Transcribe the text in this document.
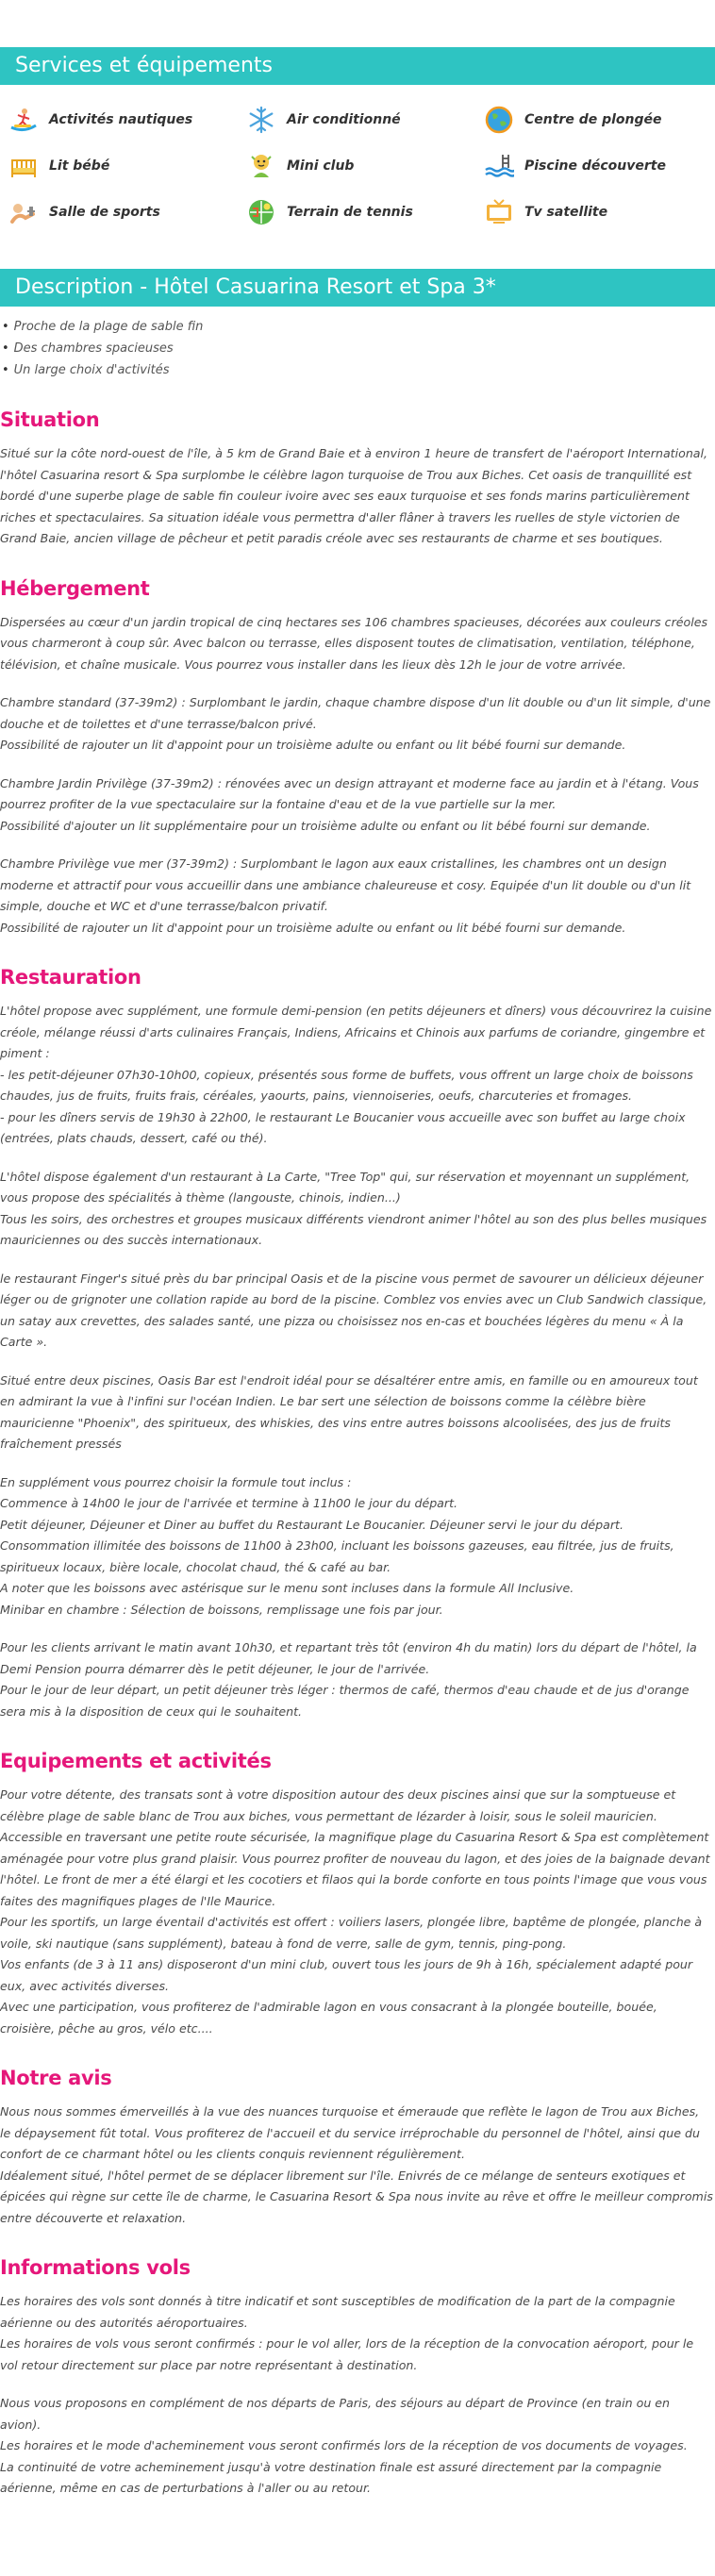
Services et équipements
Activités nautiques	Air conditionné	Centre de plongée
Lit bébé	Mini club	Piscine découverte
Salle de sports	Terrain de tennis	Tv satellite
Description - Hôtel Casuarina Resort et Spa 3*
• Proche de la plage de sable fin
• Des chambres spacieuses
• Un large choix d'activités
Situation

Situé sur la côte nord-ouest de l'île, à 5 km de Grand Baie et à environ 1 heure de transfert de l'aéroport International, l'hôtel Casuarina resort & Spa surplombe le célèbre lagon turquoise de Trou aux Biches. Cet oasis de tranquillité est bordé d'une superbe plage de sable fin couleur ivoire avec ses eaux turquoise et ses fonds marins particulièrement riches et spectaculaires. Sa situation idéale vous permettra d'aller flâner à travers les ruelles de style victorien de Grand Baie, ancien village de pêcheur et petit paradis créole avec ses restaurants de charme et ses boutiques.

Hébergement

Dispersées au cœur d'un jardin tropical de cinq hectares ses 106 chambres spacieuses, décorées aux couleurs créoles vous charmeront à coup sûr. Avec balcon ou terrasse, elles disposent toutes de climatisation, ventilation, téléphone, télévision, et chaîne musicale. Vous pourrez vous installer dans les lieux dès 12h le jour de votre arrivée.

Chambre standard (37-39m2) : Surplombant le jardin, chaque chambre dispose d'un lit double ou d'un lit simple, d'une douche et de toilettes et d'une terrasse/balcon privé.
Possibilité de rajouter un lit d'appoint pour un troisième adulte ou enfant ou lit bébé fourni sur demande.

Chambre Jardin Privilège (37-39m2) : rénovées avec un design attrayant et moderne face au jardin et à l'étang. Vous pourrez profiter de la vue spectaculaire sur la fontaine d'eau et de la vue partielle sur la mer.
Possibilité d'ajouter un lit supplémentaire pour un troisième adulte ou enfant ou lit bébé fourni sur demande.

Chambre Privilège vue mer (37-39m2) : Surplombant le lagon aux eaux cristallines, les chambres ont un design moderne et attractif pour vous accueillir dans une ambiance chaleureuse et cosy. Equipée d'un lit double ou d'un lit simple, douche et WC et d'une terrasse/balcon privatif.
Possibilité de rajouter un lit d'appoint pour un troisième adulte ou enfant ou lit bébé fourni sur demande.

Restauration

L'hôtel propose avec supplément, une formule demi-pension (en petits déjeuners et dîners) vous découvrirez la cuisine créole, mélange réussi d'arts culinaires Français, Indiens, Africains et Chinois aux parfums de coriandre, gingembre et piment :
- les petit-déjeuner 07h30-10h00, copieux, présentés sous forme de buffets, vous offrent un large choix de boissons chaudes, jus de fruits, fruits frais, céréales, yaourts, pains, viennoiseries, oeufs, charcuteries et fromages.
- pour les dîners servis de 19h30 à 22h00, le restaurant Le Boucanier vous accueille avec son buffet au large choix (entrées, plats chauds, dessert, café ou thé).

L'hôtel dispose également d'un restaurant à La Carte, "Tree Top" qui, sur réservation et moyennant un supplément, vous propose des spécialités à thème (langouste, chinois, indien...)
Tous les soirs, des orchestres et groupes musicaux différents viendront animer l'hôtel au son des plus belles musiques mauriciennes ou des succès internationaux.

le restaurant Finger's situé près du bar principal Oasis et de la piscine vous permet de savourer un délicieux déjeuner léger ou de grignoter une collation rapide au bord de la piscine. Comblez vos envies avec un Club Sandwich classique, un satay aux crevettes, des salades santé, une pizza ou choisissez nos en-cas et bouchées légères du menu « À la Carte ».

Situé entre deux piscines, Oasis Bar est l'endroit idéal pour se désaltérer entre amis, en famille ou en amoureux tout en admirant la vue à l'infini sur l'océan Indien. Le bar sert une sélection de boissons comme la célèbre bière mauricienne "Phoenix", des spiritueux, des whiskies, des vins entre autres boissons alcoolisées, des jus de fruits fraîchement pressés

En supplément vous pourrez choisir la formule tout inclus :
Commence à 14h00 le jour de l'arrivée et termine à 11h00 le jour du départ.
Petit déjeuner, Déjeuner et Diner au buffet du Restaurant Le Boucanier. Déjeuner servi le jour du départ.
Consommation illimitée des boissons de 11h00 à 23h00, incluant les boissons gazeuses, eau filtrée, jus de fruits, spiritueux locaux, bière locale, chocolat chaud, thé & café au bar.
A noter que les boissons avec astérisque sur le menu sont incluses dans la formule All Inclusive.
Minibar en chambre : Sélection de boissons, remplissage une fois par jour.

Pour les clients arrivant le matin avant 10h30, et repartant très tôt (environ 4h du matin) lors du départ de l'hôtel, la Demi Pension pourra démarrer dès le petit déjeuner, le jour de l'arrivée.
Pour le jour de leur départ, un petit déjeuner très léger : thermos de café, thermos d'eau chaude et de jus d'orange sera mis à la disposition de ceux qui le souhaitent.

Equipements et activités

Pour votre détente, des transats sont à votre disposition autour des deux piscines ainsi que sur la somptueuse et célèbre plage de sable blanc de Trou aux biches, vous permettant de lézarder à loisir, sous le soleil mauricien. Accessible en traversant une petite route sécurisée, la magnifique plage du Casuarina Resort & Spa est complètement aménagée pour votre plus grand plaisir. Vous pourrez profiter de nouveau du lagon, et des joies de la baignade devant l'hôtel. Le front de mer a été élargi et les cocotiers et filaos qui la borde conforte en tous points l'image que vous vous faites des magnifiques plages de l'Ile Maurice.
Pour les sportifs, un large éventail d'activités est offert : voiliers lasers, plongée libre, baptême de plongée, planche à voile, ski nautique (sans supplément), bateau à fond de verre, salle de gym, tennis, ping-pong.
Vos enfants (de 3 à 11 ans) disposeront d'un mini club, ouvert tous les jours de 9h à 16h, spécialement adapté pour eux, avec activités diverses.
Avec une participation, vous profiterez de l'admirable lagon en vous consacrant à la plongée bouteille, bouée, croisière, pêche au gros, vélo etc....

Notre avis

Nous nous sommes émerveillés à la vue des nuances turquoise et émeraude que reflète le lagon de Trou aux Biches, le dépaysement fût total. Vous profiterez de l'accueil et du service irréprochable du personnel de l'hôtel, ainsi que du confort de ce charmant hôtel ou les clients conquis reviennent régulièrement.
Idéalement situé, l'hôtel permet de se déplacer librement sur l'île. Enivrés de ce mélange de senteurs exotiques et épicées qui règne sur cette île de charme, le Casuarina Resort & Spa nous invite au rêve et offre le meilleur compromis entre découverte et relaxation.

Informations vols

Les horaires des vols sont donnés à titre indicatif et sont susceptibles de modification de la part de la compagnie aérienne ou des autorités aéroportuaires.
Les horaires de vols vous seront confirmés : pour le vol aller, lors de la réception de la convocation aéroport, pour le vol retour directement sur place par notre représentant à destination.

Nous vous proposons en complément de nos départs de Paris, des séjours au départ de Province (en train ou en avion).
Les horaires et le mode d'acheminement vous seront confirmés lors de la réception de vos documents de voyages.
La continuité de votre acheminement jusqu'à votre destination finale est assuré directement par la compagnie aérienne, même en cas de perturbations à l'aller ou au retour.
